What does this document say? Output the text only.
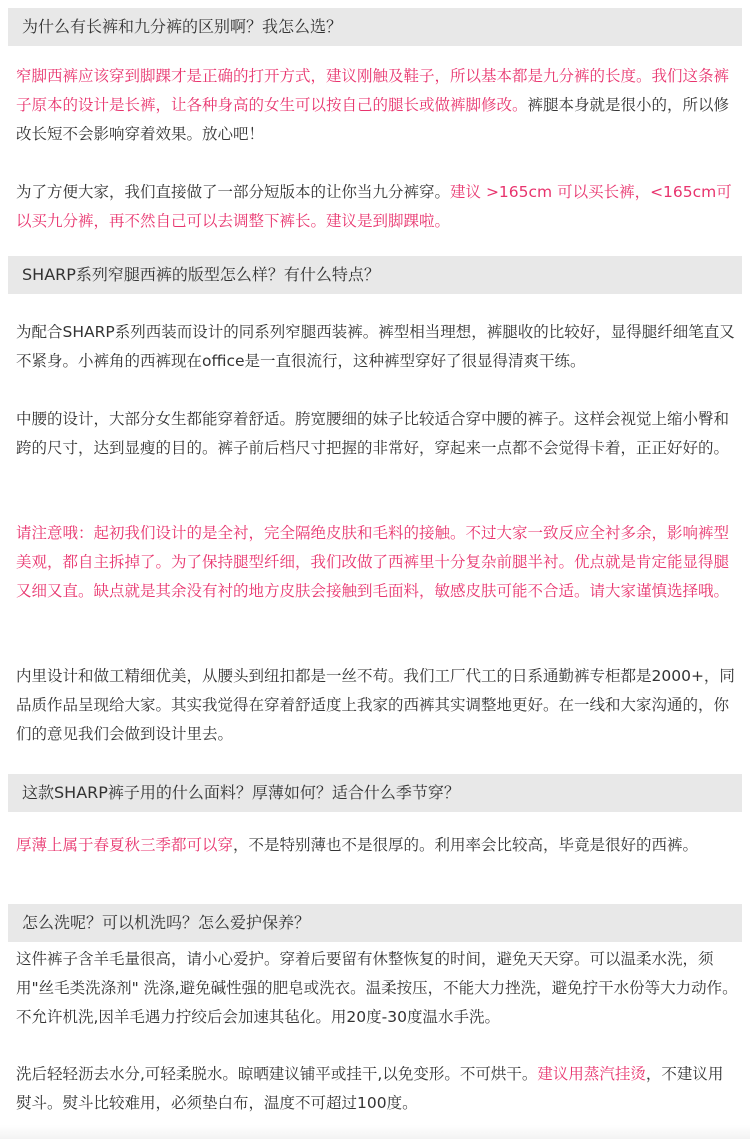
为什么有长裤和九分裤的区别啊？我怎么选？

窄脚西裤应该穿到脚踝才是正确的打开方式，建议刚触及鞋子，所以基本都是九分裤的长度。我们这条裤子原本的设计是长裤，让各种身高的女生可以按自己的腿长或做裤脚修改。裤腿本身就是很小的，所以修改长短不会影响穿着效果。放心吧！

为了方便大家，我们直接做了一部分短版本的让你当九分裤穿。建议 >165cm 可以买长裤，<165cm可以买九分裤，再不然自己可以去调整下裤长。建议是到脚踝啦。

SHARP系列窄腿西裤的版型怎么样？有什么特点？

为配合SHARP系列西装而设计的同系列窄腿西装裤。裤型相当理想，裤腿收的比较好，显得腿纤细笔直又不紧身。小裤角的西裤现在office是一直很流行，这种裤型穿好了很显得清爽干练。

中腰的设计，大部分女生都能穿着舒适。胯宽腰细的妹子比较适合穿中腰的裤子。这样会视觉上缩小臀和跨的尺寸，达到显瘦的目的。裤子前后档尺寸把握的非常好，穿起来一点都不会觉得卡着，正正好好的。

请注意哦：起初我们设计的是全衬，完全隔绝皮肤和毛料的接触。不过大家一致反应全衬多余，影响裤型美观，都自主拆掉了。为了保持腿型纤细，我们改做了西裤里十分复杂前腿半衬。优点就是肯定能显得腿又细又直。缺点就是其余没有衬的地方皮肤会接触到毛面料，敏感皮肤可能不合适。请大家谨慎选择哦。

内里设计和做工精细优美，从腰头到纽扣都是一丝不苟。我们工厂代工的日系通勤裤专柜都是2000+，同品质作品呈现给大家。其实我觉得在穿着舒适度上我家的西裤其实调整地更好。在一线和大家沟通的，你们的意见我们会做到设计里去。

这款SHARP裤子用的什么面料？厚薄如何？适合什么季节穿？

厚薄上属于春夏秋三季都可以穿，不是特别薄也不是很厚的。利用率会比较高，毕竟是很好的西裤。

怎么洗呢？可以机洗吗？怎么爱护保养？

这件裤子含羊毛量很高，请小心爱护。穿着后要留有休整恢复的时间，避免天天穿。可以温柔水洗，须用"丝毛类洗涤剂" 洗涤,避免碱性强的肥皂或洗衣。温柔按压，不能大力挫洗，避免拧干水份等大力动作。不允许机洗,因羊毛遇力拧绞后会加速其毡化。用20度-30度温水手洗。

洗后轻轻沥去水分,可轻柔脱水。晾晒建议铺平或挂干,以免变形。不可烘干。建议用蒸汽挂烫，不建议用熨斗。熨斗比较难用，必须垫白布，温度不可超过100度。
